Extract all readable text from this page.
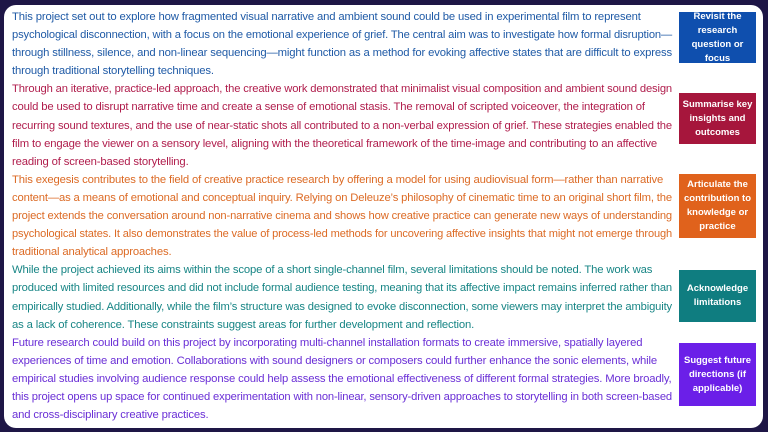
This project set out to explore how fragmented visual narrative and ambient sound could be used in experimental film to represent
psychological disconnection, with a focus on the emotional experience of grief. The central aim was to investigate how formal disruption—
through stillness, silence, and non-linear sequencing—might function as a method for evoking affective states that are difficult to express
through traditional storytelling techniques.
Through an iterative, practice-led approach, the creative work demonstrated that minimalist visual composition and ambient sound design
could be used to disrupt narrative time and create a sense of emotional stasis. The removal of scripted voiceover, the integration of
recurring sound textures, and the use of near-static shots all contributed to a non-verbal expression of grief. These strategies enabled the
film to engage the viewer on a sensory level, aligning with the theoretical framework of the time-image and contributing to an affective
reading of screen-based storytelling.
This exegesis contributes to the field of creative practice research by offering a model for using audiovisual form—rather than narrative
content—as a means of emotional and conceptual inquiry. Relying on Deleuze’s philosophy of cinematic time to an original short film, the
project extends the conversation around non-narrative cinema and shows how creative practice can generate new ways of understanding
psychological states. It also demonstrates the value of process-led methods for uncovering affective insights that might not emerge through
traditional analytical approaches.
While the project achieved its aims within the scope of a short single-channel film, several limitations should be noted. The work was
produced with limited resources and did not include formal audience testing, meaning that its affective impact remains inferred rather than
empirically studied. Additionally, while the film’s structure was designed to evoke disconnection, some viewers may interpret the ambiguity
as a lack of coherence. These constraints suggest areas for further development and reflection.
Future research could build on this project by incorporating multi-channel installation formats to create immersive, spatially layered
experiences of time and emotion. Collaborations with sound designers or composers could further enhance the sonic elements, while
empirical studies involving audience response could help assess the emotional effectiveness of different formal strategies. More broadly,
this project opens up space for continued experimentation with non-linear, sensory-driven approaches to storytelling in both screen-based
and cross-disciplinary creative practices.
Revisit the research question or focus
Summarise key insights and outcomes
Articulate the contribution to knowledge or practice
Acknowledge limitations
Suggest future directions (if applicable)
